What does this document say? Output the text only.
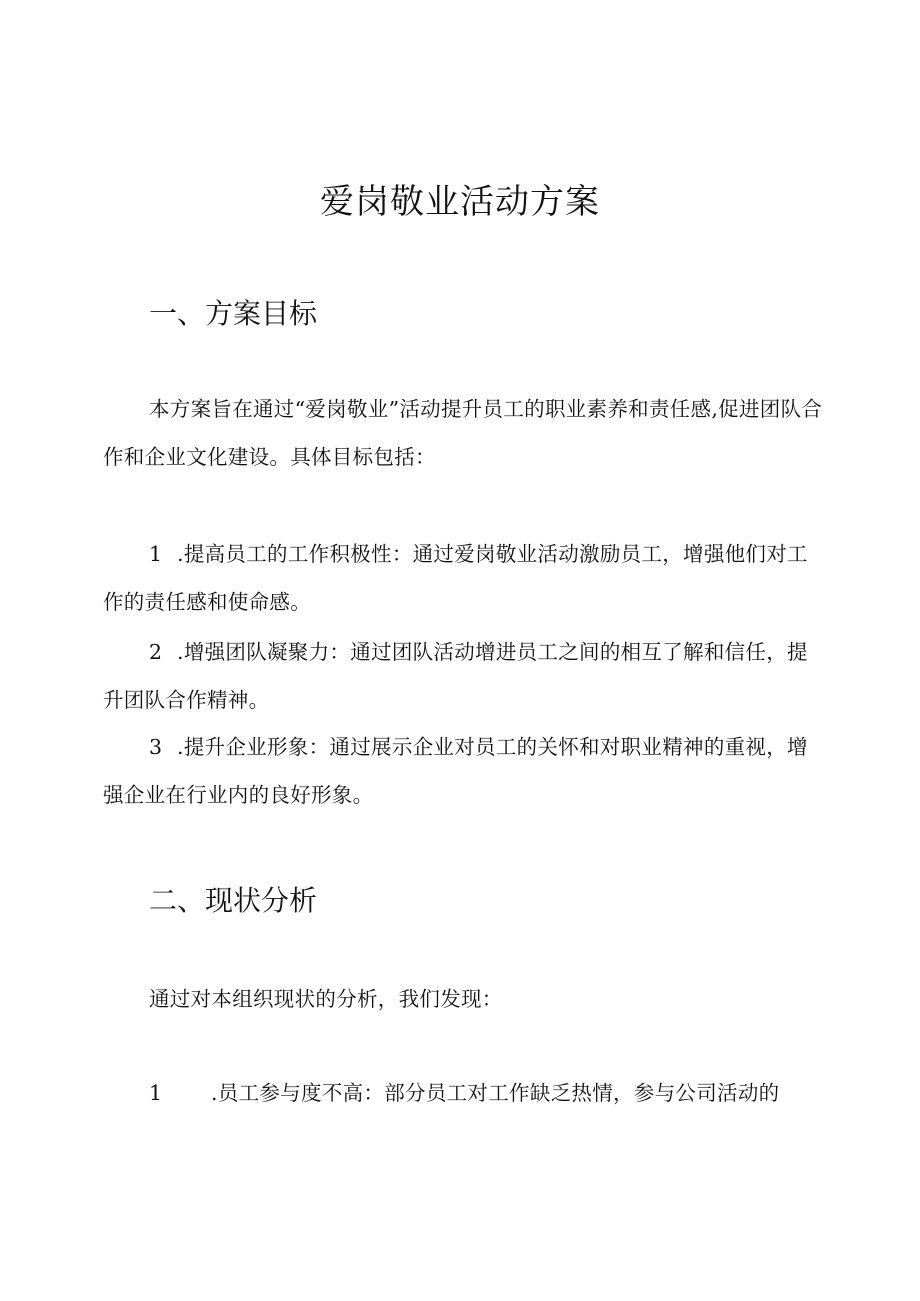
爱岗敬业活动方案
一、方案目标

本方案旨在通过“爱岗敬业”活动提升员工的职业素养和责任感,促进团队合作和企业文化建设。具体目标包括：

1 .提高员工的工作积极性：通过爱岗敬业活动激励员工，增强他们对工作的责任感和使命感。

2 .增强团队凝聚力：通过团队活动增进员工之间的相互了解和信任，提升团队合作精神。

3 .提升企业形象：通过展示企业对员工的关怀和对职业精神的重视，增强企业在行业内的良好形象。

二、现状分析

通过对本组织现状的分析，我们发现：

1 .员工参与度不高：部分员工对工作缺乏热情，参与公司活动的
